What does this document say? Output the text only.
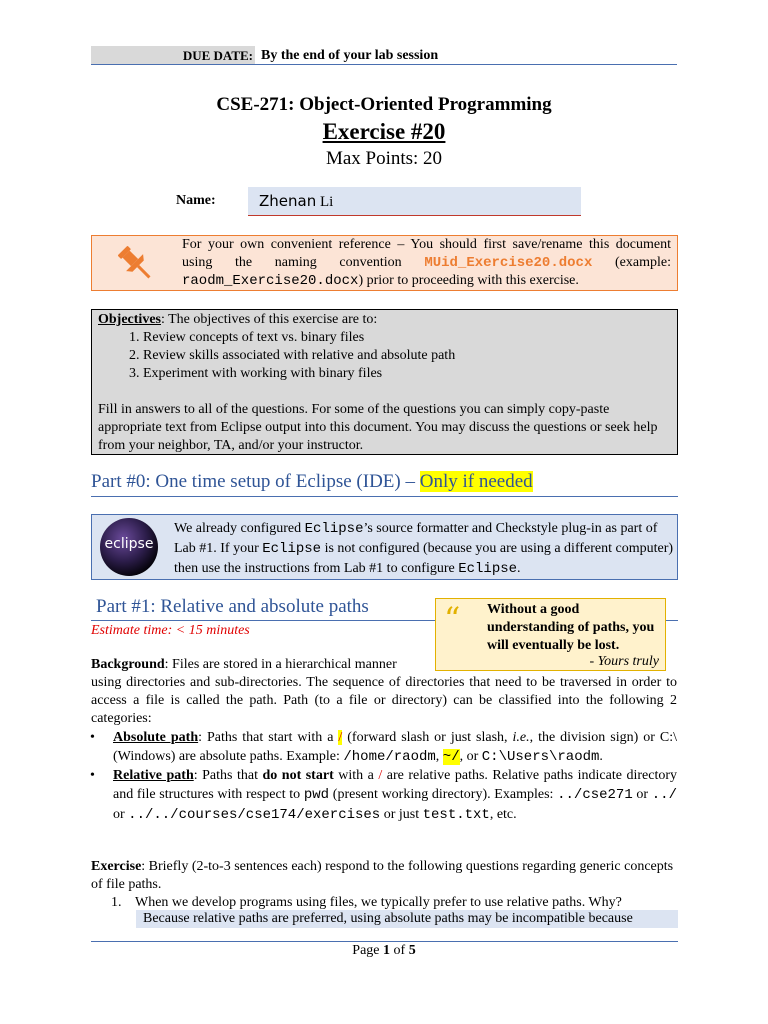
DUE DATE: By the end of your lab session
CSE-271: Object-Oriented Programming
Exercise #20
Max Points: 20
Name:	Zhenan Li
For your own convenient reference – You should first save/rename this document using the naming convention MUid_Exercise20.docx (example: raodm_Exercise20.docx) prior to proceeding with this exercise.

Objectives: The objectives of this exercise are to:

1. Review concepts of text vs. binary files
2. Review skills associated with relative and absolute path
3. Experiment with working with binary files

Fill in answers to all of the questions. For some of the questions you can simply copy-paste appropriate text from Eclipse output into this document. You may discuss the questions or seek help from your neighbor, TA, and/or your instructor.

Part #0: One time setup of Eclipse (IDE) – Only if needed
eclipse
We already configured Eclipse’s source formatter and Checkstyle plug-in as part of Lab #1. If your Eclipse is not configured (because you are using a different computer) then use the instructions from Lab #1 to configure Eclipse.
Part #1: Relative and absolute paths
Estimate time: < 15 minutes	“ Without a good understanding of paths, you will eventually be lost.
- Yours truly
Background: Files are stored in a hierarchical manner
using directories and sub-directories. The sequence of directories that need to be traversed in order to access a file is called the path. Path (to a file or directory) can be classified into the following 2 categories:
• Absolute path: Paths that start with a / (forward slash or just slash, i.e., the division sign) or C:\ (Windows) are absolute paths. Example: /home/raodm, ~/, or C:\Users\raodm.
• Relative path: Paths that do not start with a / are relative paths. Relative paths indicate directory and file structures with respect to pwd (present working directory). Examples: ../cse271 or ../ or ../../courses/cse174/exercises or just test.txt, etc.
Exercise: Briefly (2-to-3 sentences each) respond to the following questions regarding generic concepts of file paths.
1. When we develop programs using files, we typically prefer to use relative paths. Why?
Because relative paths are preferred, using absolute paths may be incompatible because
Page 1 of 5
